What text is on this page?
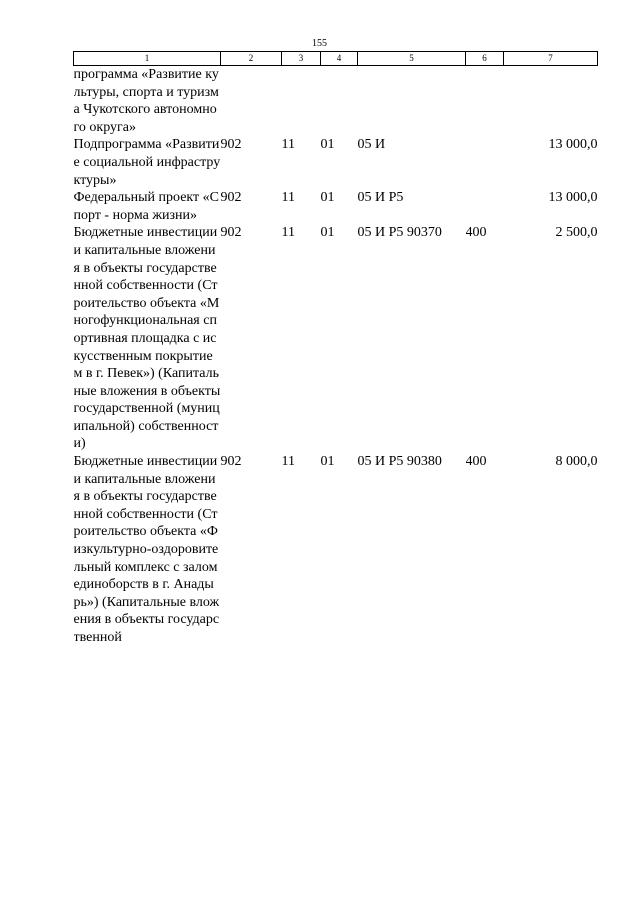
155
1	2	3	4	5	6	7
программа «Развитие культуры, спорта и туризма Чукотского автономного округа»						
Подпрограмма «Развитие социальной инфраструктуры»	902	11	01	05 И		13 000,0
Федеральный проект «Спорт - норма жизни»	902	11	01	05 И Р5		13 000,0
Бюджетные инвестиции и капитальные вложения в объекты государственной собственности (Строительство объекта «Многофункциональная спортивная площадка с искусственным покрытием в г. Певек») (Капитальные вложения в объекты государственной (муниципальной) собственности)	902	11	01	05 И Р5 90370	400	2 500,0
Бюджетные инвестиции и капитальные вложения в объекты государственной собственности (Строительство объекта «Физкультурно-оздоровительный комплекс с залом единоборств в г. Анадырь») (Капитальные вложения в объекты государственной	902	11	01	05 И Р5 90380	400	8 000,0
